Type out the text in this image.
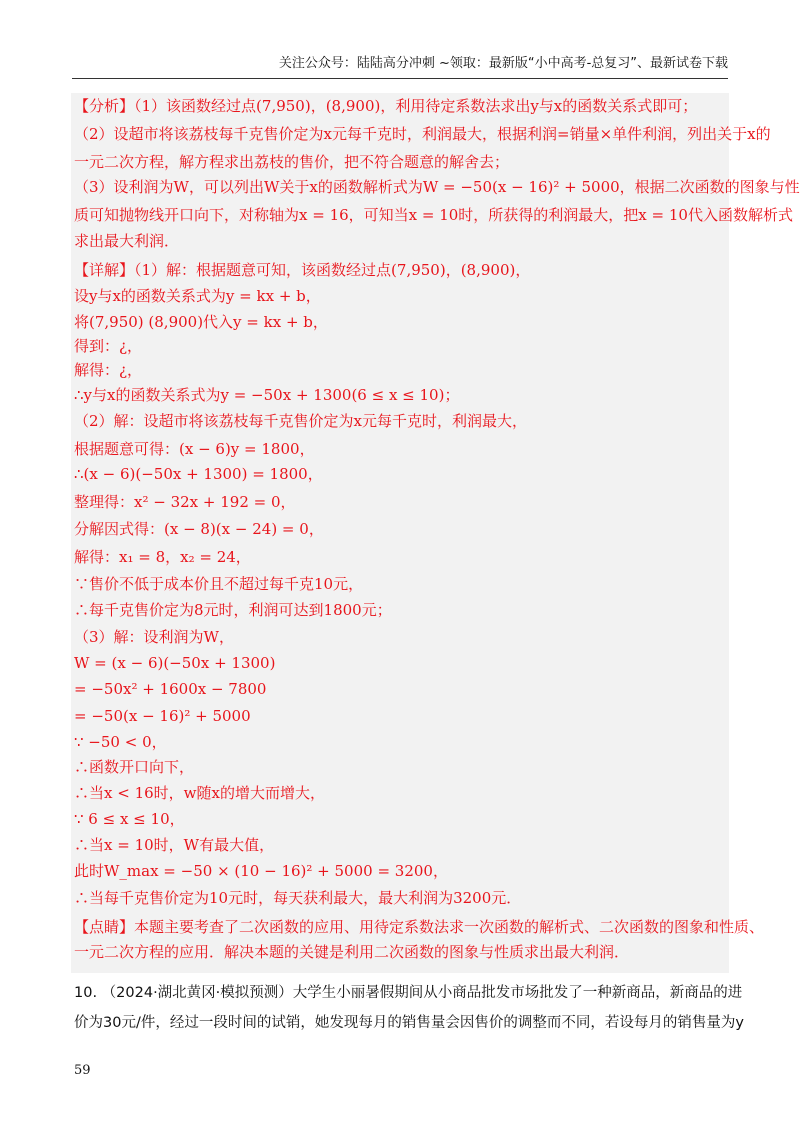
关注公众号：陆陆高分冲刺 ~领取：最新版“小中高考-总复习”、最新试卷下载
【分析】（1）该函数经过点(7,950)，(8,900)，利用待定系数法求出y与x的函数关系式即可；
（2）设超市将该荔枝每千克售价定为x元每千克时，利润最大，根据利润=销量×单件利润，列出关于x的
一元二次方程，解方程求出荔枝的售价，把不符合题意的解舍去；
（3）设利润为W，可以列出W关于x的函数解析式为W = −50(x − 16)² + 5000，根据二次函数的图象与性
质可知抛物线开口向下，对称轴为x = 16，可知当x = 10时，所获得的利润最大，把x = 10代入函数解析式
求出最大利润．
【详解】（1）解：根据题意可知，该函数经过点(7,950)，(8,900)，
设y与x的函数关系式为y = kx + b，
将(7,950) (8,900)代入y = kx + b，
得到：¿，
解得：¿，
∴y与x的函数关系式为y = −50x + 1300(6 ≤ x ≤ 10)；
（2）解：设超市将该荔枝每千克售价定为x元每千克时，利润最大，
根据题意可得：(x − 6)y = 1800，
∴(x − 6)(−50x + 1300) = 1800，
整理得：x² − 32x + 192 = 0，
分解因式得：(x − 8)(x − 24) = 0，
解得：x₁ = 8，x₂ = 24，
∵售价不低于成本价且不超过每千克10元，
∴每千克售价定为8元时，利润可达到1800元；
（3）解：设利润为W，
W = (x − 6)(−50x + 1300)
= −50x² + 1600x − 7800
= −50(x − 16)² + 5000
∵ −50 < 0，
∴函数开口向下，
∴当x < 16时，w随x的增大而增大，
∵ 6 ≤ x ≤ 10，
∴当x = 10时，W有最大值，
此时W_max = −50 × (10 − 16)² + 5000 = 3200，
∴当每千克售价定为10元时，每天获利最大，最大利润为3200元．
【点睛】本题主要考查了二次函数的应用、用待定系数法求一次函数的解析式、二次函数的图象和性质、
一元二次方程的应用．解决本题的关键是利用二次函数的图象与性质求出最大利润．
10. （2024·湖北黄冈·模拟预测）大学生小丽暑假期间从小商品批发市场批发了一种新商品，新商品的进
价为30元/件，经过一段时间的试销，她发现每月的销售量会因售价的调整而不同，若设每月的销售量为y
59
